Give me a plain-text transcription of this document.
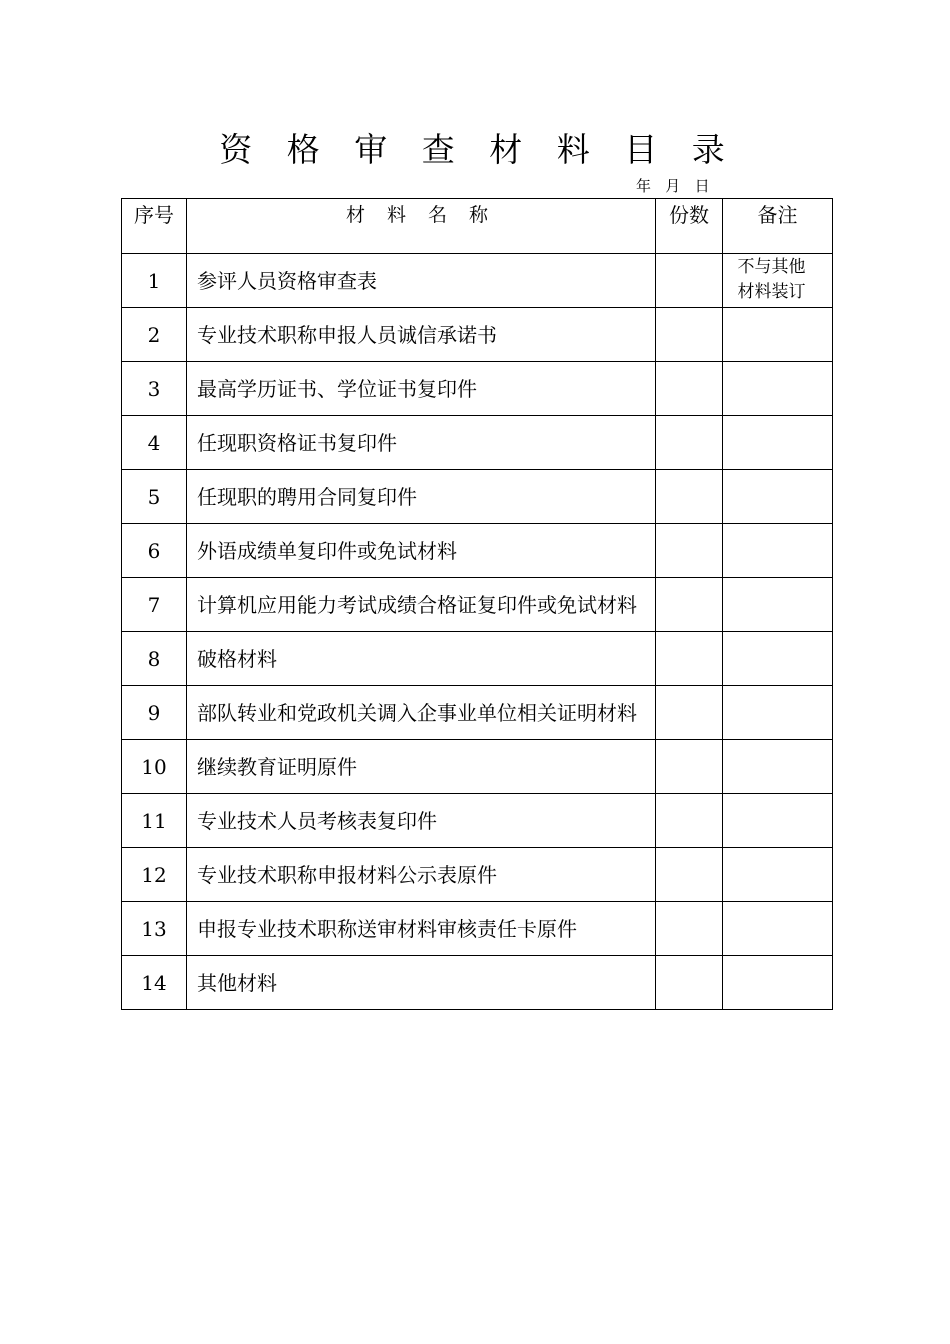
资 格 审 查 材 料 目 录
年   月   日
序号	材 料 名 称	份数	备注
1	参评人员资格审查表		不与其他材料装订
2	专业技术职称申报人员诚信承诺书		
3	最高学历证书、学位证书复印件		
4	任现职资格证书复印件		
5	任现职的聘用合同复印件		
6	外语成绩单复印件或免试材料		
7	计算机应用能力考试成绩合格证复印件或免试材料		
8	破格材料		
9	部队转业和党政机关调入企事业单位相关证明材料		
10	继续教育证明原件		
11	专业技术人员考核表复印件		
12	专业技术职称申报材料公示表原件		
13	申报专业技术职称送审材料审核责任卡原件		
14	其他材料		
